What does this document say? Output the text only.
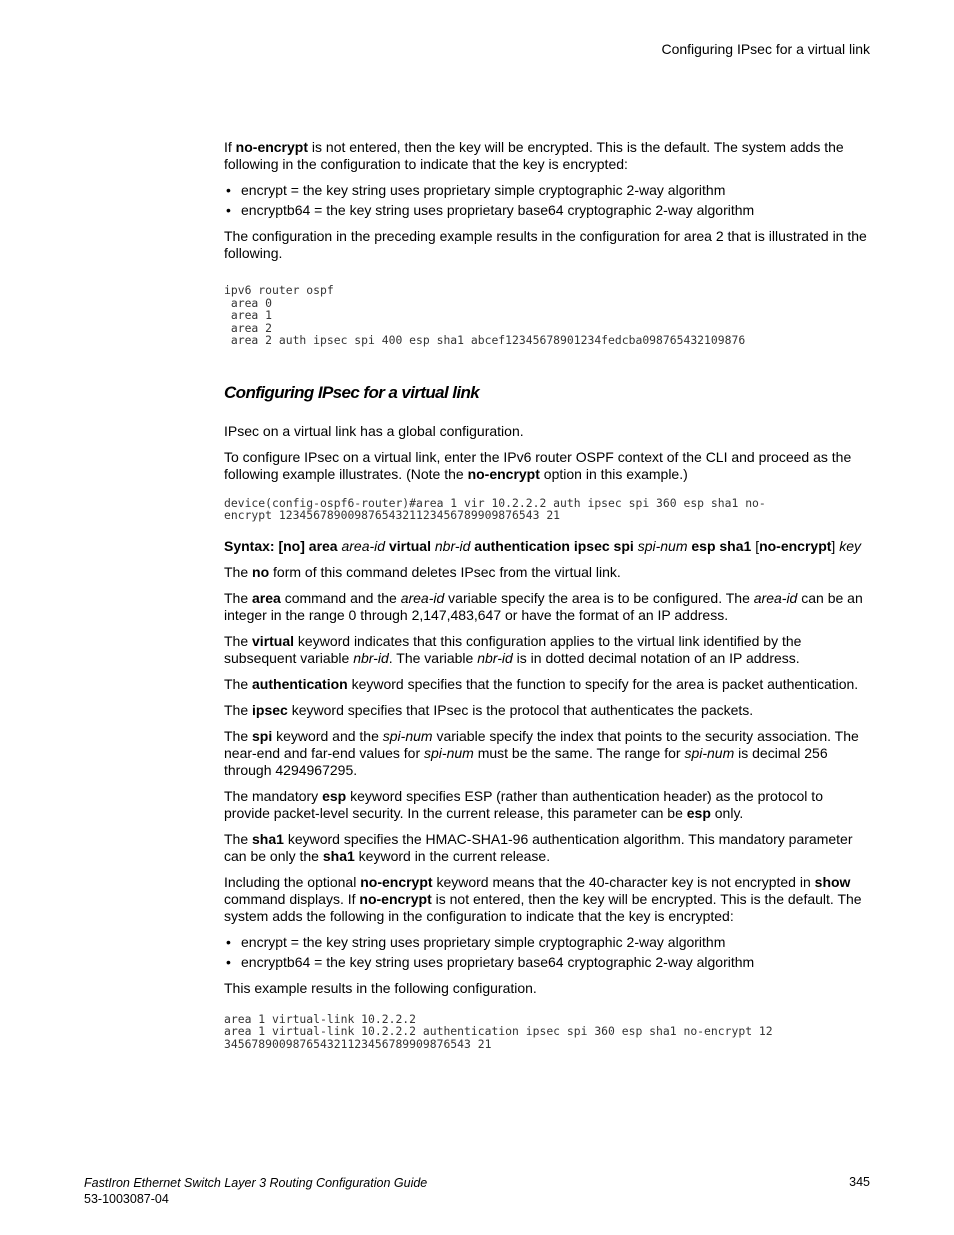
Configuring IPsec for a virtual link

If no-encrypt is not entered, then the key will be encrypted. This is the default. The system adds the following in the configuration to indicate that the key is encrypted:

• encrypt = the key string uses proprietary simple cryptographic 2-way algorithm
• encryptb64 = the key string uses proprietary base64 cryptographic 2-way algorithm

The configuration in the preceding example results in the configuration for area 2 that is illustrated in the following.

ipv6 router ospf
area 0
area 1
area 2
area 2 auth ipsec spi 400 esp sha1 abcef12345678901234fedcba098765432109876
Configuring IPsec for a virtual link

IPsec on a virtual link has a global configuration.

To configure IPsec on a virtual link, enter the IPv6 router OSPF context of the CLI and proceed as the following example illustrates. (Note the no-encrypt option in this example.)

device(config-ospf6-router)#area 1 vir 10.2.2.2 auth ipsec spi 360 esp sha1 no-
encrypt 12345678900987654321123456789909876543 21

Syntax: [no] area area-id virtual nbr-id authentication ipsec spi spi-num esp sha1 [no-encrypt] key

The no form of this command deletes IPsec from the virtual link.

The area command and the area-id variable specify the area is to be configured. The area-id can be an integer in the range 0 through 2,147,483,647 or have the format of an IP address.

The virtual keyword indicates that this configuration applies to the virtual link identified by the subsequent variable nbr-id. The variable nbr-id is in dotted decimal notation of an IP address.

The authentication keyword specifies that the function to specify for the area is packet authentication.

The ipsec keyword specifies that IPsec is the protocol that authenticates the packets.

The spi keyword and the spi-num variable specify the index that points to the security association. The near-end and far-end values for spi-num must be the same. The range for spi-num is decimal 256 through 4294967295.

The mandatory esp keyword specifies ESP (rather than authentication header) as the protocol to provide packet-level security. In the current release, this parameter can be esp only.

The sha1 keyword specifies the HMAC-SHA1-96 authentication algorithm. This mandatory parameter can be only the sha1 keyword in the current release.

Including the optional no-encrypt keyword means that the 40-character key is not encrypted in show command displays. If no-encrypt is not entered, then the key will be encrypted. This is the default. The system adds the following in the configuration to indicate that the key is encrypted:

• encrypt = the key string uses proprietary simple cryptographic 2-way algorithm
• encryptb64 = the key string uses proprietary base64 cryptographic 2-way algorithm

This example results in the following configuration.

area 1 virtual-link 10.2.2.2
area 1 virtual-link 10.2.2.2 authentication ipsec spi 360 esp sha1 no-encrypt 12
345678900987654321123456789909876543 21
FastIron Ethernet Switch Layer 3 Routing Configuration Guide
53-1003087-04
345
